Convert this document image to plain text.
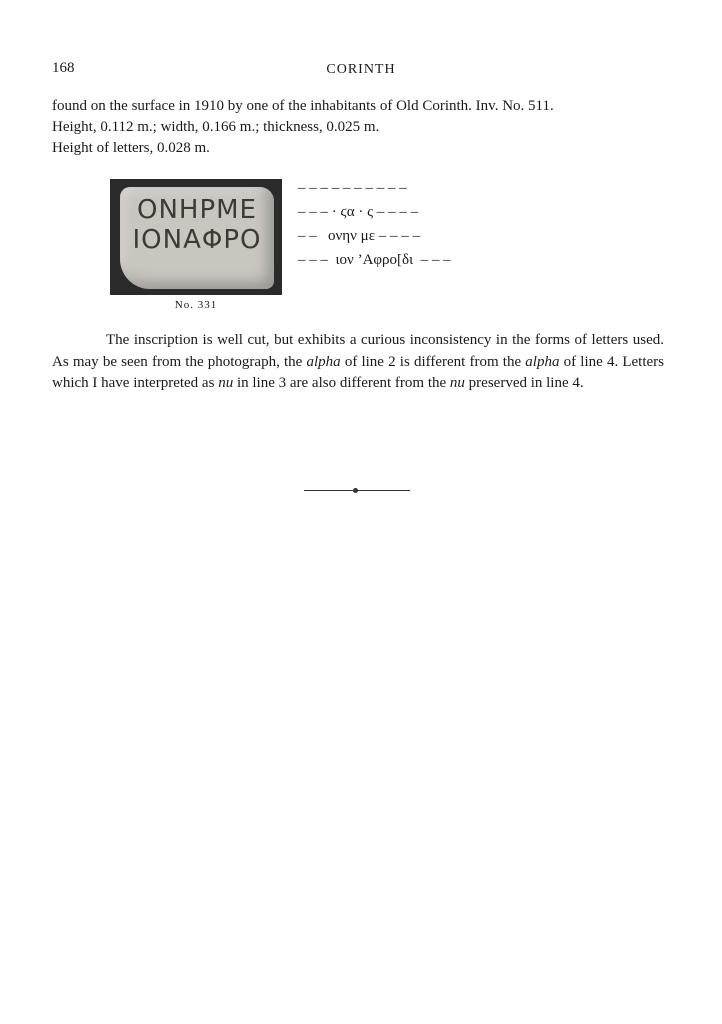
168	CORINTH
found on the surface in 1910 by one of the inhabitants of Old Corinth. Inv. No. 511.
Height, 0.112 m.; width, 0.166 m.; thickness, 0.025 m.
Height of letters, 0.028 m.
ΟΝΗΡΜΕ
ΙΟΝΑΦΡΟ
No. 331
– – – – – – – – – –
– – – · ϛα · ς – – – –
– –   ονην με – – – –
– – –  ιον ’Αφρο[δι  – – –
The inscription is well cut, but exhibits a curious inconsistency in the forms of letters used. As may be seen from the photograph, the alpha of line 2 is different from the alpha of line 4. Letters which I have interpreted as nu in line 3 are also different from the nu preserved in line 4.
